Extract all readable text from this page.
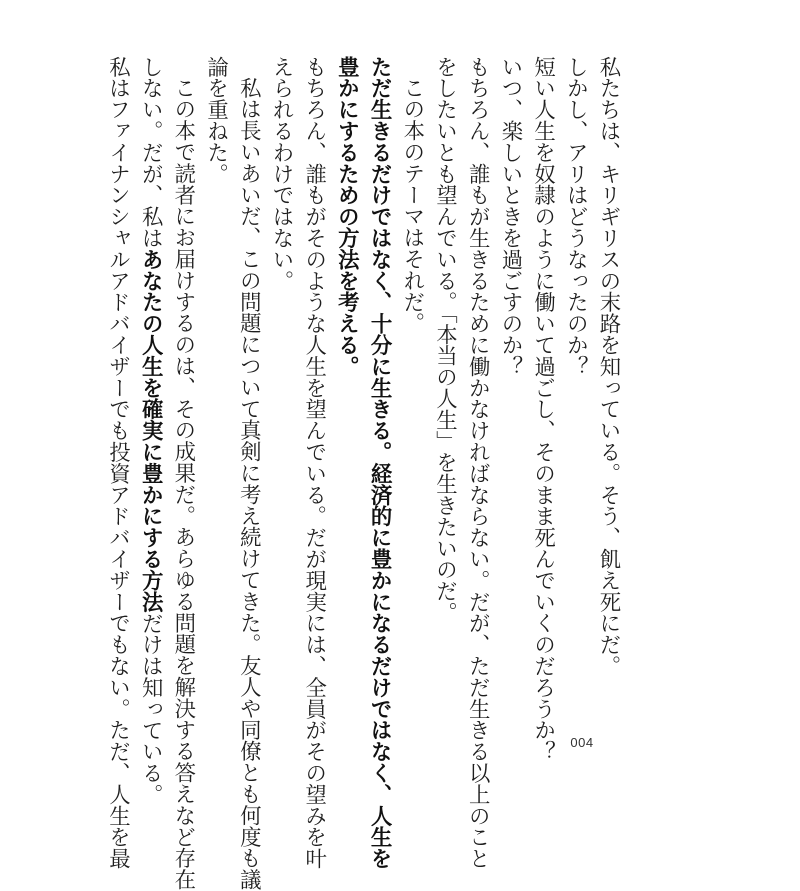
私たちは、キリギリスの末路を知っている。そう、飢え死にだ。
しかし、アリはどうなったのか？
短い人生を奴隷のように働いて過ごし、そのまま死んでいくのだろうか？
いつ、楽しいときを過ごすのか？
もちろん、誰もが生きるために働かなければならない。だが、ただ生きる以上のこと
をしたいとも望んでいる。「本当の人生」を生きたいのだ。
この本のテーマはそれだ。
ただ生きるだけではなく、十分に生きる。経済的に豊かになるだけではなく、人生を
豊かにするための方法を考える。
もちろん、誰もがそのような人生を望んでいる。だが現実には、全員がその望みを叶
えられるわけではない。
私は長いあいだ、この問題について真剣に考え続けてきた。友人や同僚とも何度も議
論を重ねた。
この本で読者にお届けするのは、その成果だ。あらゆる問題を解決する答えなど存在
しない。だが、私はあなたの人生を確実に豊かにする方法だけは知っている。
私はファイナンシャルアドバイザーでも投資アドバイザーでもない。ただ、人生を最	004
